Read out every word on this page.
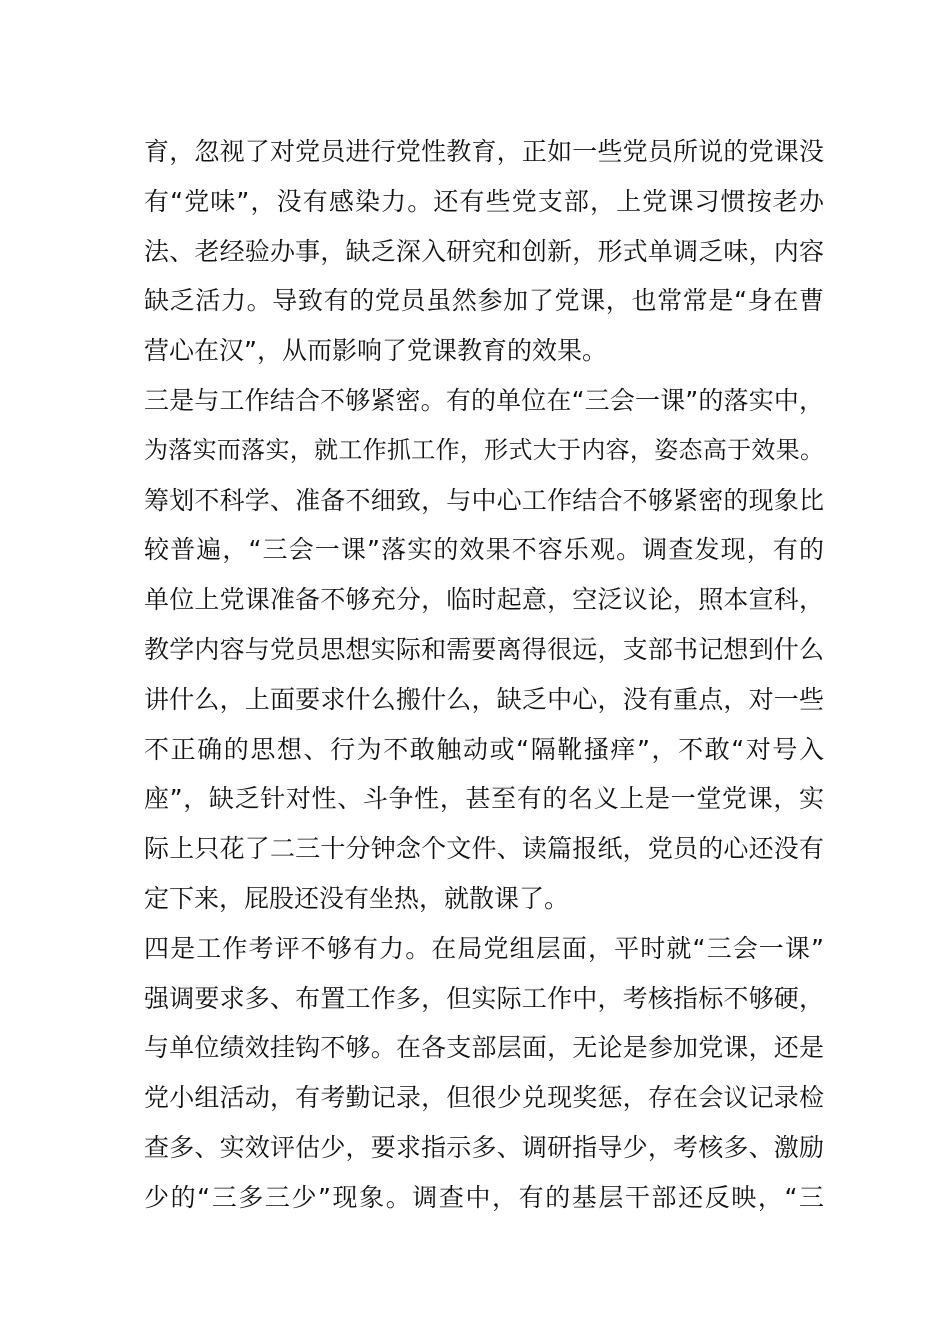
育，忽视了对党员进行党性教育，正如一些党员所说的党课没
有“党味”，没有感染力。还有些党支部，上党课习惯按老办
法、老经验办事，缺乏深入研究和创新，形式单调乏味，内容
缺乏活力。导致有的党员虽然参加了党课，也常常是“身在曹
营心在汉”，从而影响了党课教育的效果。
三是与工作结合不够紧密。有的单位在“三会一课”的落实中，
为落实而落实，就工作抓工作，形式大于内容，姿态高于效果。
筹划不科学、准备不细致，与中心工作结合不够紧密的现象比
较普遍，“三会一课”落实的效果不容乐观。调查发现，有的
单位上党课准备不够充分，临时起意，空泛议论，照本宣科，
教学内容与党员思想实际和需要离得很远，支部书记想到什么
讲什么，上面要求什么搬什么，缺乏中心，没有重点，对一些
不正确的思想、行为不敢触动或“隔靴搔痒”，不敢“对号入
座”，缺乏针对性、斗争性，甚至有的名义上是一堂党课，实
际上只花了二三十分钟念个文件、读篇报纸，党员的心还没有
定下来，屁股还没有坐热，就散课了。
四是工作考评不够有力。在局党组层面，平时就“三会一课”
强调要求多、布置工作多，但实际工作中，考核指标不够硬，
与单位绩效挂钩不够。在各支部层面，无论是参加党课，还是
党小组活动，有考勤记录，但很少兑现奖惩，存在会议记录检
查多、实效评估少，要求指示多、调研指导少，考核多、激励
少的“三多三少”现象。调查中，有的基层干部还反映，“三
